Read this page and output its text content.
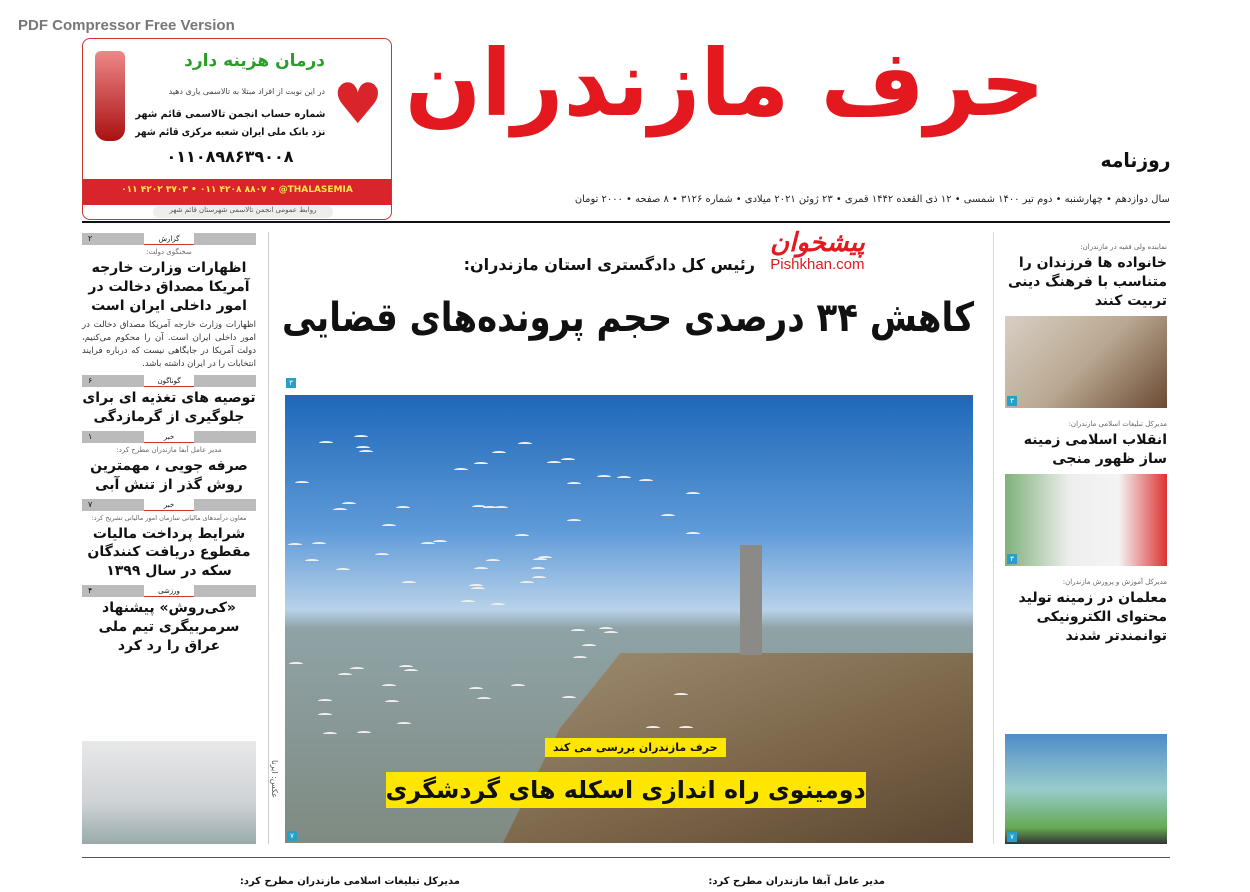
PDF Compressor Free Version
♥
درمان هزینه دارد
در این نوبت از افراد مبتلا به تالاسمی یاری دهید
شماره حساب انجمن تالاسمی قائم شهر
نزد بانک ملی ایران شعبه مرکزی قائم شهر
۰۱۱۰۸۹۸۶۳۹۰۰۸
۰۱۱ ۴۲۰۲ ۳۷۰۳ • ۰۱۱ ۴۲۰۸ ۸۸۰۷ • @THALASEMIA
روابط عمومی انجمن تالاسمی شهرستان قائم شهر
حرف مازندران
روزنامه
سال دوازدهم • چهارشنبه • دوم تیر ۱۴۰۰ شمسی • ۱۲ ذی القعده ۱۴۴۲ قمری • ۲۳ ژوئن ۲۰۲۱ میلادی • شماره ۳۱۲۶ • ۸ صفحه • ۲۰۰۰ تومان
پیشخوان
Pishkhan.com
رئیس کل دادگستری استان مازندران:
کاهش ۳۴ درصدی حجم پرونده‌های قضایی
۳
۷
عکس: ایرنا
حرف مازندران بررسی می کند
دومینوی راه اندازی اسکله های گردشگری
گزارش
۲
سخنگوی دولت:
اظهارات وزارت خارجه آمریکا مصداق دخالت در امور داخلی ایران است
اظهارات وزارت خارجه آمریکا مصداق دخالت در امور داخلی ایران است. آن را محکوم می‌کنیم، دولت آمریکا در جایگاهی نیست که درباره فرایند انتخابات را در ایران داشته باشد.
گوناگون
۶
توصیه های تغذیه ای برای جلوگیری از گرمازدگی
خبر
۱
مدیر عامل آبفا مازندران مطرح کرد:
صرفه جویی ، مهمترین روش گذر از تنش آبی
خبر
۷
معاون درآمدهای مالیاتی سازمان امور مالیاتی تشریح کرد:
شرایط پرداخت مالیات مقطوع دریافت کنندگان سکه در سال ۱۳۹۹
ورزشی
۴
«کی‌روش» پیشنهاد سرمربیگری تیم ملی عراق را رد کرد
نماینده ولی فقیه در مازندران:
خانواده ها فرزندان را متناسب با فرهنگ دینی تربیت کنند
۳
مدیرکل تبلیغات اسلامی مازندران:
انقلاب اسلامی زمینه ساز ظهور منجی
۳
مدیرکل آموزش و پرورش مازندران:
معلمان در زمینه تولید محتوای الکترونیکی توانمندتر شدند
۷
مدیر عامل آبفا مازندران مطرح کرد:
مدیرکل تبلیغات اسلامی مازندران مطرح کرد:
